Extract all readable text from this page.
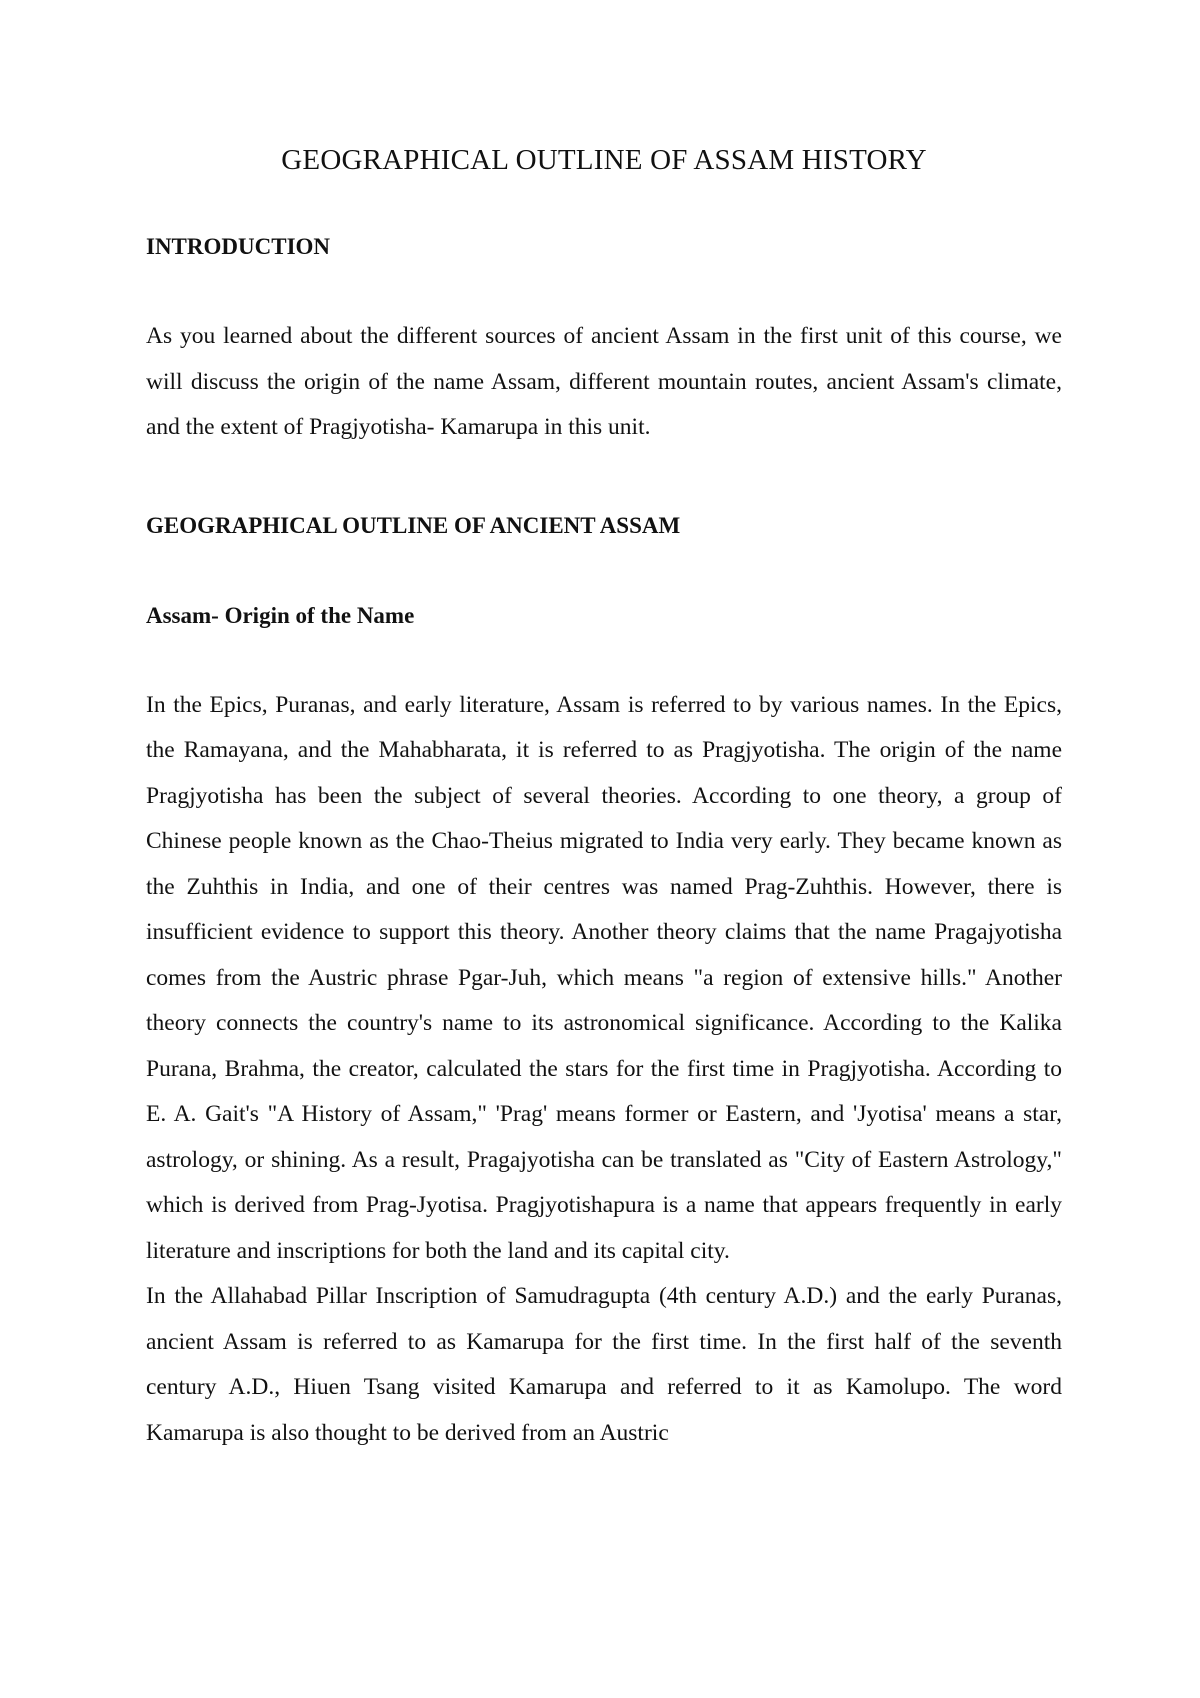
GEOGRAPHICAL OUTLINE OF ASSAM HISTORY
INTRODUCTION

As you learned about the different sources of ancient Assam in the first unit of this course, we will discuss the origin of the name Assam, different mountain routes, ancient Assam's climate, and the extent of Pragjyotisha- Kamarupa in this unit.

GEOGRAPHICAL OUTLINE OF ANCIENT ASSAM
Assam- Origin of the Name

In the Epics, Puranas, and early literature, Assam is referred to by various names. In the Epics, the Ramayana, and the Mahabharata, it is referred to as Pragjyotisha. The origin of the name Pragjyotisha has been the subject of several theories. According to one theory, a group of Chinese people known as the Chao-Theius migrated to India very early. They became known as the Zuhthis in India, and one of their centres was named Prag-Zuhthis. However, there is insufficient evidence to support this theory. Another theory claims that the name Pragajyotisha comes from the Austric phrase Pgar-Juh, which means "a region of extensive hills." Another theory connects the country's name to its astronomical significance. According to the Kalika Purana, Brahma, the creator, calculated the stars for the first time in Pragjyotisha. According to E. A. Gait's "A History of Assam," 'Prag' means former or Eastern, and 'Jyotisa' means a star, astrology, or shining. As a result, Pragajyotisha can be translated as "City of Eastern Astrology," which is derived from Prag-Jyotisa. Pragjyotishapura is a name that appears frequently in early literature and inscriptions for both the land and its capital city.

In the Allahabad Pillar Inscription of Samudragupta (4th century A.D.) and the early Puranas, ancient Assam is referred to as Kamarupa for the first time. In the first half of the seventh century A.D., Hiuen Tsang visited Kamarupa and referred to it as Kamolupo. The word Kamarupa is also thought to be derived from an Austric
